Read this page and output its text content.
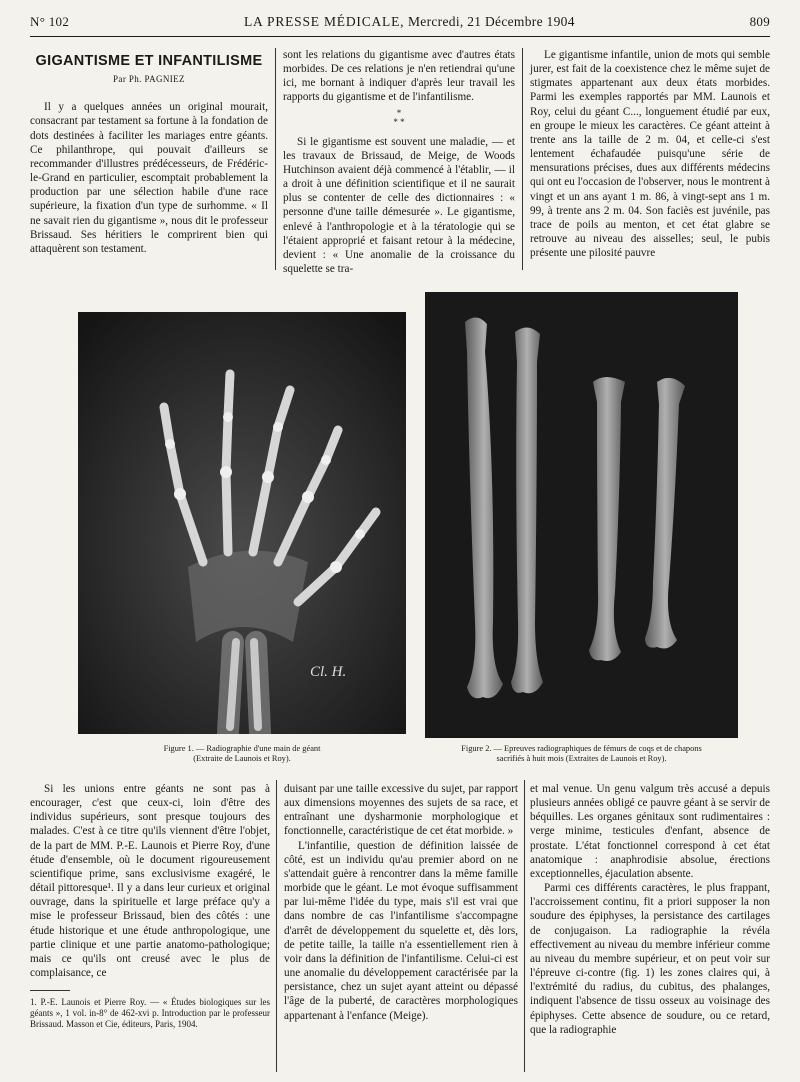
N° 102	LA PRESSE MÉDICALE, Mercredi, 21 Décembre 1904	809
GIGANTISME ET INFANTILISME
Par Ph. PAGNIEZ

Il y a quelques années un original mourait, consacrant par testament sa fortune à la fondation de dots destinées à faciliter les mariages entre géants. Ce philanthrope, qui pouvait d'ailleurs se recommander d'illustres prédécesseurs, de Frédéric-le-Grand en particulier, escomptait probablement la production par une sélection habile d'une race supérieure, la fixation d'un type de surhomme. « Il ne savait rien du gigantisme », nous dit le professeur Brissaud. Ses héritiers le comprirent bien qui attaquèrent son testament.

sont les relations du gigantisme avec d'autres états morbides. De ces relations je n'en retiendrai qu'une ici, me bornant à indiquer d'après leur travail les rapports du gigantisme et de l'infantilisme.

*
* *

Si le gigantisme est souvent une maladie, — et les travaux de Brissaud, de Meige, de Woods Hutchinson avaient déjà commencé à l'établir, — il a droit à une définition scientifique et il ne saurait plus se contenter de celle des dictionnaires : « personne d'une taille démesurée ». Le gigantisme, enlevé à l'anthropologie et à la tératologie qui se l'étaient approprié et faisant retour à la médecine, devient : « Une anomalie de la croissance du squelette se tra-

Le gigantisme infantile, union de mots qui semble jurer, est fait de la coexistence chez le même sujet de stigmates appartenant aux deux états morbides. Parmi les exemples rapportés par MM. Launois et Roy, celui du géant C..., longuement étudié par eux, en groupe le mieux les caractères. Ce géant atteint à trente ans la taille de 2 m. 04, et celle-ci s'est lentement échafaudée puisqu'une série de mensurations précises, dues aux différents médecins qui ont eu l'occasion de l'observer, nous le montrent à vingt et un ans ayant 1 m. 86, à vingt-sept ans 1 m. 99, à trente ans 2 m. 04. Son faciès est juvénile, pas trace de poils au menton, et cet état glabre se retrouve au niveau des aisselles; seul, le pubis présente une pilosité pauvre

Cl. H.
Figure 1. — Radiographie d'une main de géant
(Extraite de Launois et Roy).
Figure 2. — Epreuves radiographiques de fémurs de coqs et de chapons
sacrifiés à huit mois (Extraites de Launois et Roy).

Si les unions entre géants ne sont pas à encourager, c'est que ceux-ci, loin d'être des individus supérieurs, sont presque toujours des malades. C'est à ce titre qu'ils viennent d'être l'objet, de la part de MM. P.-E. Launois et Pierre Roy, d'une étude d'ensemble, où le document rigoureusement scientifique prime, sans exclusivisme exagéré, le détail pittoresque¹. Il y a dans leur curieux et original ouvrage, dans la spirituelle et large préface qu'y a mise le professeur Brissaud, bien des côtés : une étude historique et une étude anthropologique, une partie clinique et une partie anatomo-pathologique; mais ce qu'ils ont creusé avec le plus de complaisance, ce

1. P.-E. Launois et Pierre Roy. — « Études biologiques sur les géants », 1 vol. in-8° de 462-xvi p. Introduction par le professeur Brissaud. Masson et Cie, éditeurs, Paris, 1904.

duisant par une taille excessive du sujet, par rapport aux dimensions moyennes des sujets de sa race, et entraînant une dysharmonie morphologique et fonctionnelle, caractéristique de cet état morbide. »

L'infantilie, question de définition laissée de côté, est un individu qu'au premier abord on ne s'attendait guère à rencontrer dans la même famille morbide que le géant. Le mot évoque suffisamment par lui-même l'idée du type, mais s'il est vrai que dans nombre de cas l'infantilisme s'accompagne d'arrêt de développement du squelette et, dès lors, de petite taille, la taille n'a essentiellement rien à voir dans la définition de l'infantilisme. Celui-ci est une anomalie du développement caractérisée par la persistance, chez un sujet ayant atteint ou dépassé l'âge de la puberté, de caractères morphologiques appartenant à l'enfance (Meige).

et mal venue. Un genu valgum très accusé a depuis plusieurs années obligé ce pauvre géant à se servir de béquilles. Les organes génitaux sont rudimentaires : verge minime, testicules d'enfant, absence de prostate. L'état fonctionnel correspond à cet état anatomique : anaphrodisie absolue, érections exceptionnelles, éjaculation absente.

Parmi ces différents caractères, le plus frappant, l'accroissement continu, fit a priori supposer la non soudure des épiphyses, la persistance des cartilages de conjugaison. La radiographie la révéla effectivement au niveau du membre inférieur comme au niveau du membre supérieur, et on peut voir sur l'épreuve ci-contre (fig. 1) les zones claires qui, à l'extrémité du radius, du cubitus, des phalanges, indiquent l'absence de tissu osseux au voisinage des épiphyses. Cette absence de soudure, ou ce retard, que la radiographie
